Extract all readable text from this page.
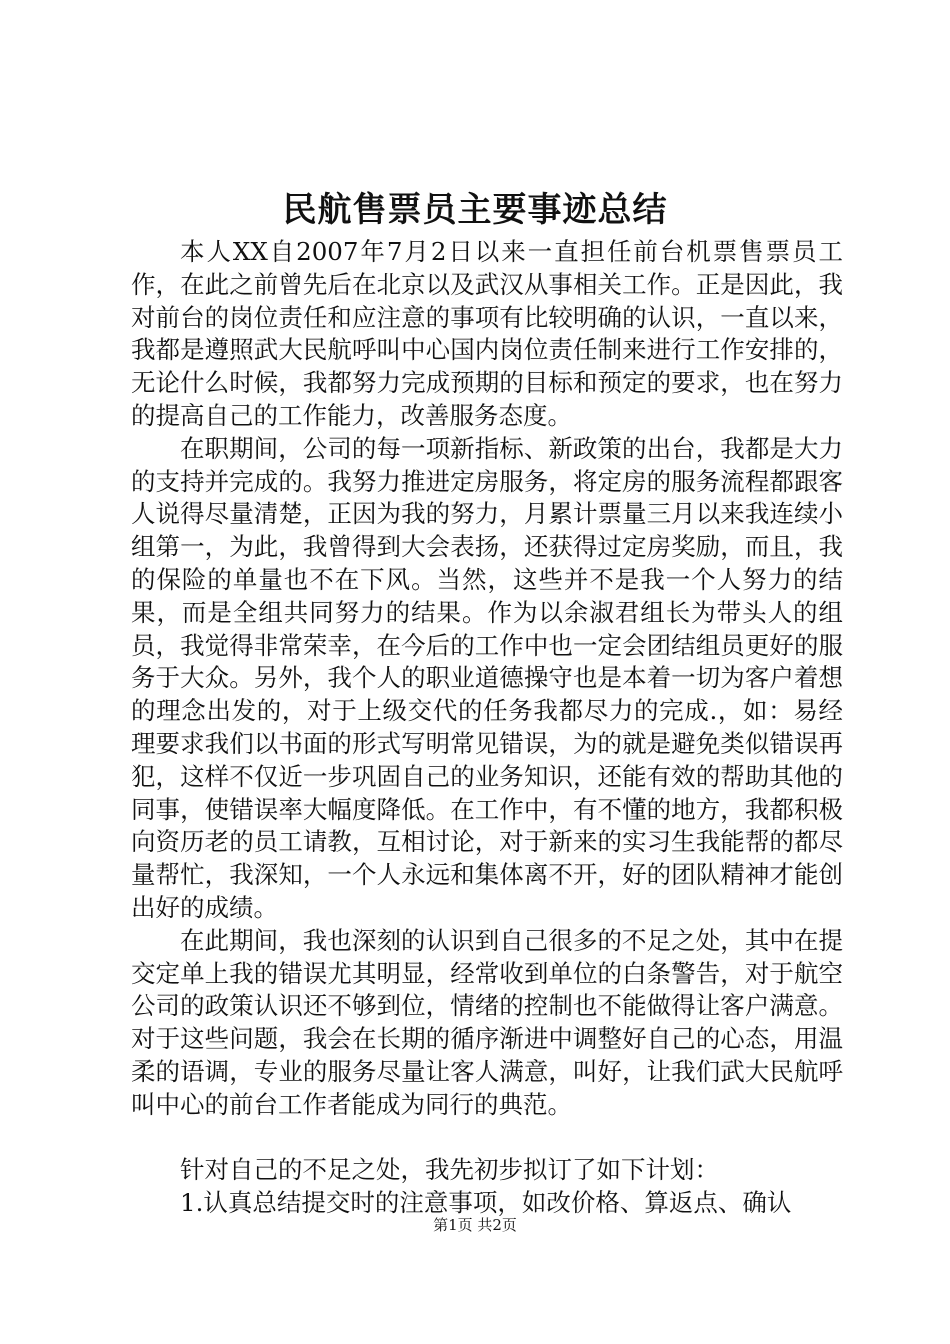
民航售票员主要事迹总结

本人XX自2007年7月2日以来一直担任前台机票售票员工作，在此之前曾先后在北京以及武汉从事相关工作。正是因此，我对前台的岗位责任和应注意的事项有比较明确的认识，一直以来，我都是遵照武大民航呼叫中心国内岗位责任制来进行工作安排的，无论什么时候，我都努力完成预期的目标和预定的要求，也在努力的提高自己的工作能力，改善服务态度。

在职期间，公司的每一项新指标、新政策的出台，我都是大力的支持并完成的。我努力推进定房服务，将定房的服务流程都跟客人说得尽量清楚，正因为我的努力，月累计票量三月以来我连续小组第一，为此，我曾得到大会表扬，还获得过定房奖励，而且，我的保险的单量也不在下风。当然，这些并不是我一个人努力的结果，而是全组共同努力的结果。作为以余淑君组长为带头人的组员，我觉得非常荣幸，在今后的工作中也一定会团结组员更好的服务于大众。另外，我个人的职业道德操守也是本着一切为客户着想的理念出发的，对于上级交代的任务我都尽力的完成.，如：易经理要求我们以书面的形式写明常见错误，为的就是避免类似错误再犯，这样不仅近一步巩固自己的业务知识，还能有效的帮助其他的同事，使错误率大幅度降低。在工作中，有不懂的地方，我都积极向资历老的员工请教，互相讨论，对于新来的实习生我能帮的都尽量帮忙，我深知，一个人永远和集体离不开，好的团队精神才能创出好的成绩。

在此期间，我也深刻的认识到自己很多的不足之处，其中在提交定单上我的错误尤其明显，经常收到单位的白条警告，对于航空公司的政策认识还不够到位，情绪的控制也不能做得让客户满意。对于这些问题，我会在长期的循序渐进中调整好自己的心态，用温柔的语调，专业的服务尽量让客人满意，叫好，让我们武大民航呼叫中心的前台工作者能成为同行的典范。

针对自己的不足之处，我先初步拟订了如下计划：

1.认真总结提交时的注意事项，如改价格、算返点、确认

第1页 共2页
